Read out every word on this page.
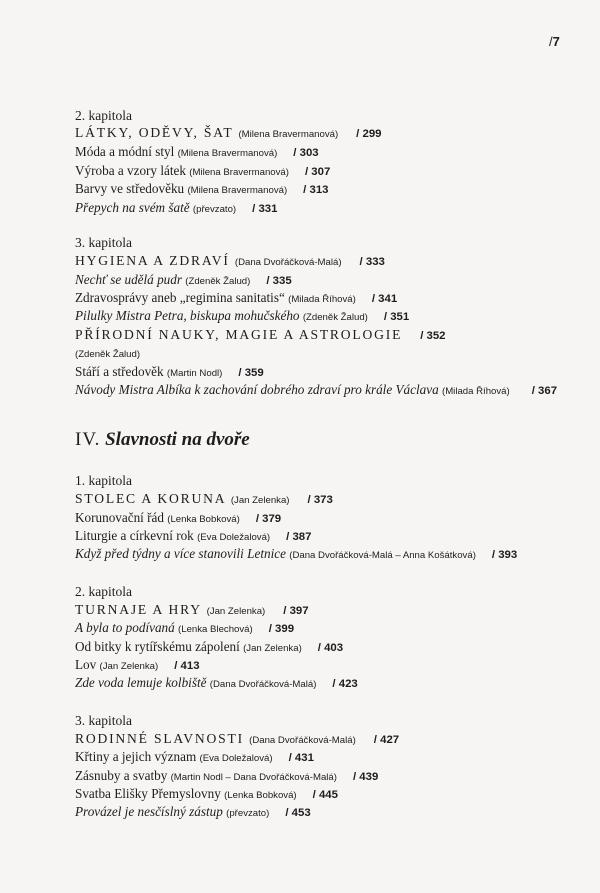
/7
2. kapitola
LÁTKY, ODĚVY, ŠAT (Milena Bravermanová) / 299
Móda a módní styl (Milena Bravermanová) / 303
Výroba a vzory látek (Milena Bravermanová) / 307
Barvy ve středověku (Milena Bravermanová) / 313
Přepych na svém šatě (převzato) / 331
3. kapitola
HYGIENA A ZDRAVÍ (Dana Dvořáčková-Malá) / 333
Nechť se udělá pudr (Zdeněk Žalud) / 335
Zdravosprávy aneb „regimina sanitatis“ (Milada Říhová) / 341
Pilulky Mistra Petra, biskupa mohučského (Zdeněk Žalud) / 351
PŘÍRODNÍ NAUKY, MAGIE A ASTROLOGIE / 352
(Zdeněk Žalud)
Stáří a středověk (Martin Nodl) / 359
Návody Mistra Albíka k zachování dobrého zdraví pro krále Václava (Milada Říhová) / 367
1. kapitola
STOLEC A KORUNA (Jan Zelenka) / 373
Korunovační řád (Lenka Bobková) / 379
Liturgie a církevní rok (Eva Doležalová) / 387
Když před týdny a více stanovili Letnice (Dana Dvořáčková-Malá – Anna Košátková) / 393
2. kapitola
TURNAJE A HRY (Jan Zelenka) / 397
A byla to podívaná (Lenka Blechová) / 399
Od bitky k rytířskému zápolení (Jan Zelenka) / 403
Lov (Jan Zelenka) / 413
Zde voda lemuje kolbiště (Dana Dvořáčková-Malá) / 423
3. kapitola
RODINNÉ SLAVNOSTI (Dana Dvořáčková-Malá) / 427
Křtiny a jejich význam (Eva Doležalová) / 431
Zásnuby a svatby (Martin Nodl – Dana Dvořáčková-Malá) / 439
Svatba Elišky Přemyslovny (Lenka Bobková) / 445
Provázel je nesčíslný zástup (převzato) / 453
IV. Slavnosti na dvoře
